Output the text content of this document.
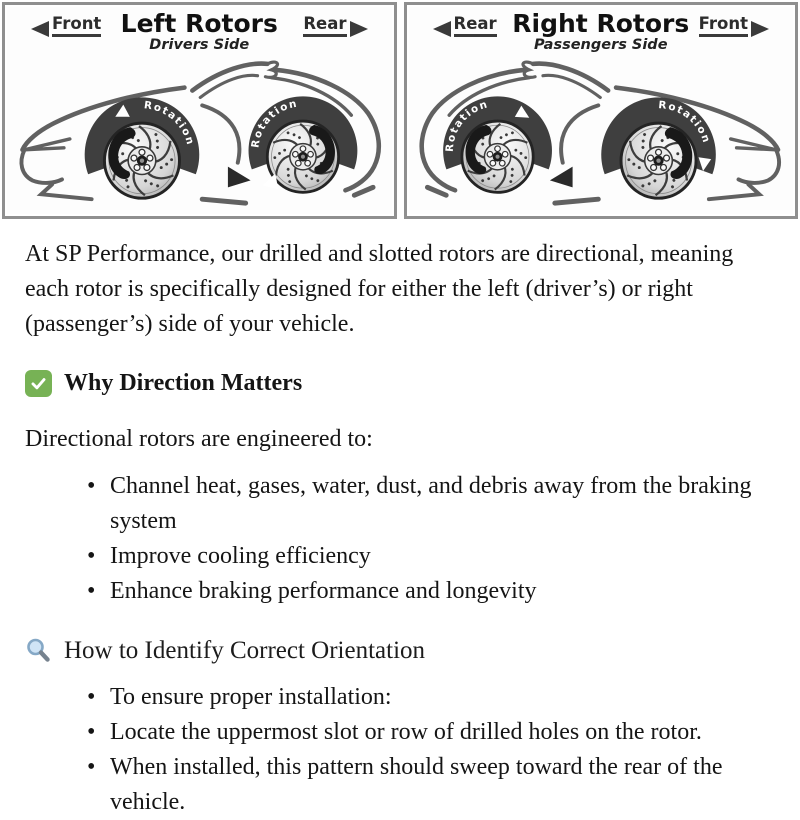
Left Rotors
Drivers Side
Front	Rear
Rotation	Rotation
Right Rotors
Passengers Side
Rear	Front
Rotation	Rotation

At SP Performance, our drilled and slotted rotors are directional, meaning each rotor is specifically designed for either the left (driver’s) or right (passenger’s) side of your vehicle.

Why Direction Matters

Directional rotors are engineered to:

• Channel heat, gases, water, dust, and debris away from the braking system
• Improve cooling efficiency
• Enhance braking performance and longevity
How to Identify Correct Orientation
• To ensure proper installation:
• Locate the uppermost slot or row of drilled holes on the rotor.
• When installed, this pattern should sweep toward the rear of the vehicle.
